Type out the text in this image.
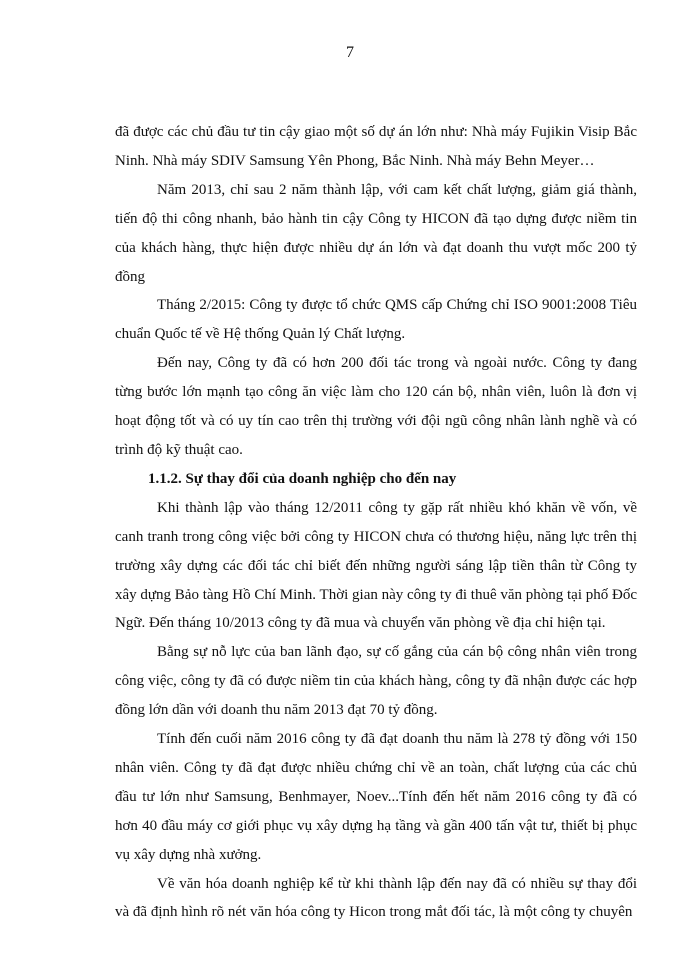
7

đã được các chủ đầu tư tin cậy giao một số dự án lớn như: Nhà máy Fujikin Visip Bắc Ninh. Nhà máy SDIV Samsung Yên Phong, Bắc Ninh. Nhà máy Behn Meyer…

Năm 2013, chỉ sau 2 năm thành lập, với cam kết chất lượng, giảm giá thành, tiến độ thi công nhanh, bảo hành tin cậy Công ty HICON đã tạo dựng được niềm tin của khách hàng, thực hiện được nhiều dự án lớn và đạt doanh thu vượt mốc 200 tỷ đồng

Tháng 2/2015: Công ty được tổ chức QMS cấp Chứng chỉ ISO 9001:2008 Tiêu chuẩn Quốc tế về Hệ thống Quản lý Chất lượng.

Đến nay, Công ty đã có hơn 200 đối tác trong và ngoài nước. Công ty đang từng bước lớn mạnh tạo công ăn việc làm cho 120 cán bộ, nhân viên, luôn là đơn vị hoạt động tốt và có uy tín cao trên thị trường với đội ngũ công nhân lành nghề và có trình độ kỹ thuật cao.

1.1.2. Sự thay đổi của doanh nghiệp cho đến nay

Khi thành lập vào tháng 12/2011 công ty gặp rất nhiều khó khăn về vốn, về canh tranh trong công việc bởi công ty HICON chưa có thương hiệu, năng lực trên thị trường xây dựng các đối tác chỉ biết đến những người sáng lập tiền thân từ Công ty xây dựng Bảo tàng Hồ Chí Minh. Thời gian này công ty đi thuê văn phòng tại phố Đốc Ngữ. Đến tháng 10/2013 công ty đã mua và chuyển văn phòng về địa chỉ hiện tại.

Bằng sự nỗ lực của ban lãnh đạo, sự cố gắng của cán bộ công nhân viên trong công việc, công ty đã có được niềm tin của khách hàng, công ty đã nhận được các hợp đồng lớn dần với doanh thu năm 2013 đạt 70 tỷ đồng.

Tính đến cuối năm 2016 công ty đã đạt doanh thu năm là 278 tỷ đồng với 150 nhân viên. Công ty đã đạt được nhiều chứng chỉ về an toàn, chất lượng của các chủ đầu tư lớn như Samsung, Benhmayer, Noev...Tính đến hết năm 2016 công ty đã có hơn 40 đầu máy cơ giới phục vụ xây dựng hạ tầng và gần 400 tấn vật tư, thiết bị phục vụ xây dựng nhà xưởng.

Về văn hóa doanh nghiệp kể từ khi thành lập đến nay đã có nhiều sự thay đổi và đã định hình rõ nét văn hóa công ty Hicon trong mắt đối tác, là một công ty chuyên
